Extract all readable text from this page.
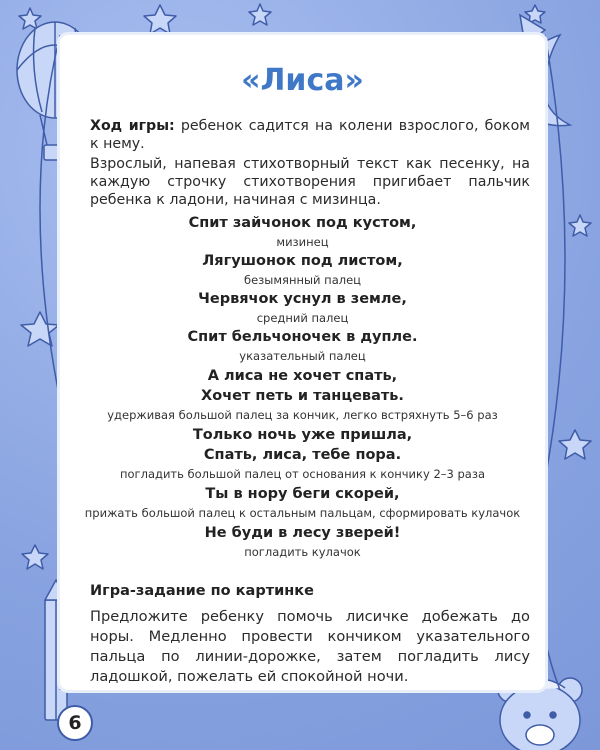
«Лиса»
Ход игры: ребенок садится на колени взрослого, боком к нему.
Взрослый, напевая стихотворный текст как песенку, на каждую строчку стихотворения пригибает пальчик ребенка к ладони, начиная с мизинца.
Спит зайчонок под кустом,
мизинец
Лягушонок под листом,
безымянный палец
Червячок уснул в земле,
средний палец
Спит бельчоночек в дупле.
указательный палец
А лиса не хочет спать,
Хочет петь и танцевать.
удерживая большой палец за кончик, легко встряхнуть 5–6 раз
Только ночь уже пришла,
Спать, лиса, тебе пора.
погладить большой палец от основания к кончику 2–3 раза
Ты в нору беги скорей,
прижать большой палец к остальным пальцам, сформировать кулачок
Не буди в лесу зверей!
погладить кулачок
Игра-задание по картинке
Предложите ребенку помочь лисичке добежать до норы. Медленно провести кончиком указательного пальца по линии-дорожке, затем погладить лису ладошкой, пожелать ей спокойной ночи.
6
